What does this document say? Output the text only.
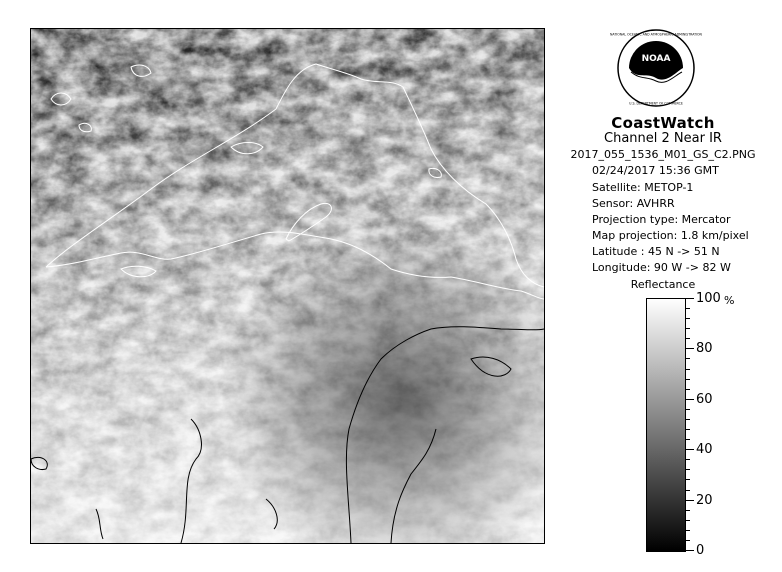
NOAA
NATIONAL OCEANIC AND ATMOSPHERIC ADMINISTRATION
U.S. DEPARTMENT OF COMMERCE
CoastWatch
Channel 2 Near IR
2017_055_1536_M01_GS_C2.PNG
02/24/2017 15:36 GMT
Satellite: METOP-1
Sensor: AVHRR
Projection type: Mercator
Map projection: 1.8 km/pixel
Latitude : 45 N -> 51 N
Longitude: 90 W -> 82 W
Reflectance
%
100
80
60
40
20
0
